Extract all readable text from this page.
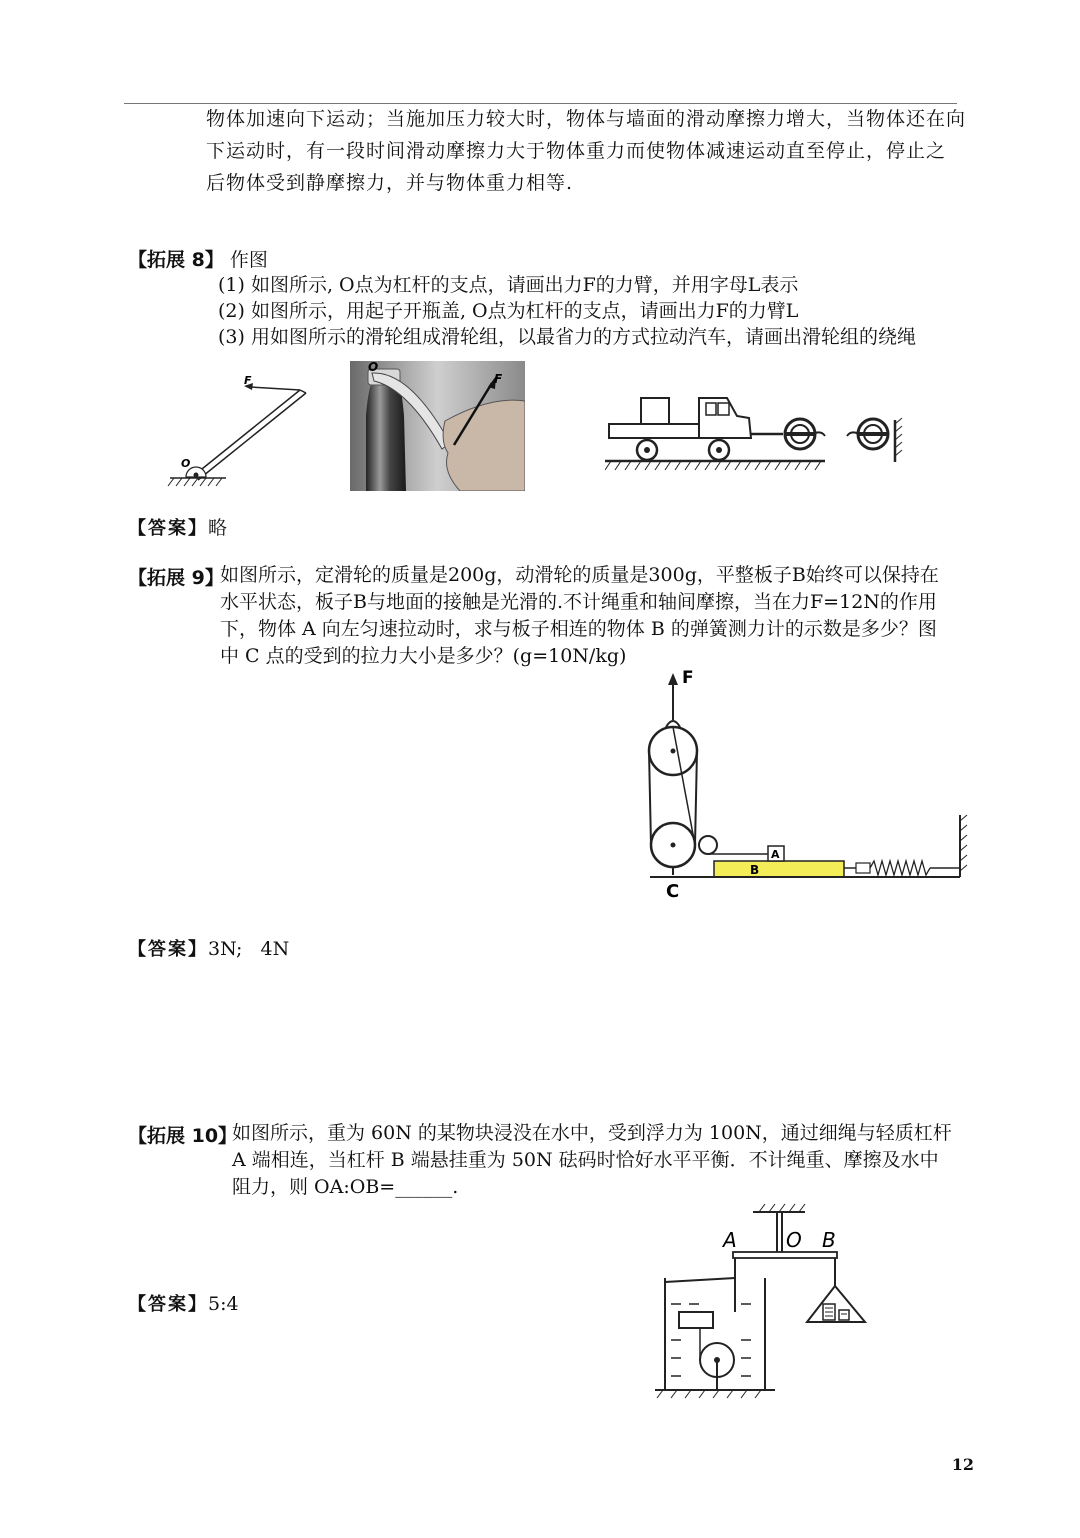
物体加速向下运动；当施加压力较大时，物体与墙面的滑动摩擦力增大，当物体还在向
下运动时，有一段时间滑动摩擦力大于物体重力而使物体减速运动直至停止，停止之
后物体受到静摩擦力，并与物体重力相等.
【拓展 8】 作图
(1) 如图所示, O点为杠杆的支点，请画出力F的力臂，并用字母L表示
(2) 如图所示，用起子开瓶盖, O点为杠杆的支点，请画出力F的力臂L
(3) 用如图所示的滑轮组成滑轮组，以最省力的方式拉动汽车，请画出滑轮组的绕绳
F
O
F
O
【答案】略
【拓展 9】
如图所示，定滑轮的质量是200g，动滑轮的质量是300g，平整板子B始终可以保持在
水平状态，板子B与地面的接触是光滑的.不计绳重和轴间摩擦，当在力F=12N的作用
下，物体 A 向左匀速拉动时，求与板子相连的物体 B 的弹簧测力计的示数是多少？图
中 C 点的受到的拉力大小是多少？(g=10N/kg)
F
C
B
A
【答案】3N;   4N
【拓展 10】
如图所示，重为 60N 的某物块浸没在水中，受到浮力为 100N，通过细绳与轻质杠杆
A 端相连，当杠杆 B 端悬挂重为 50N 砝码时恰好水平平衡．不计绳重、摩擦及水中
阻力，则 OA:OB=______.
A O B
【答案】5:4
12
